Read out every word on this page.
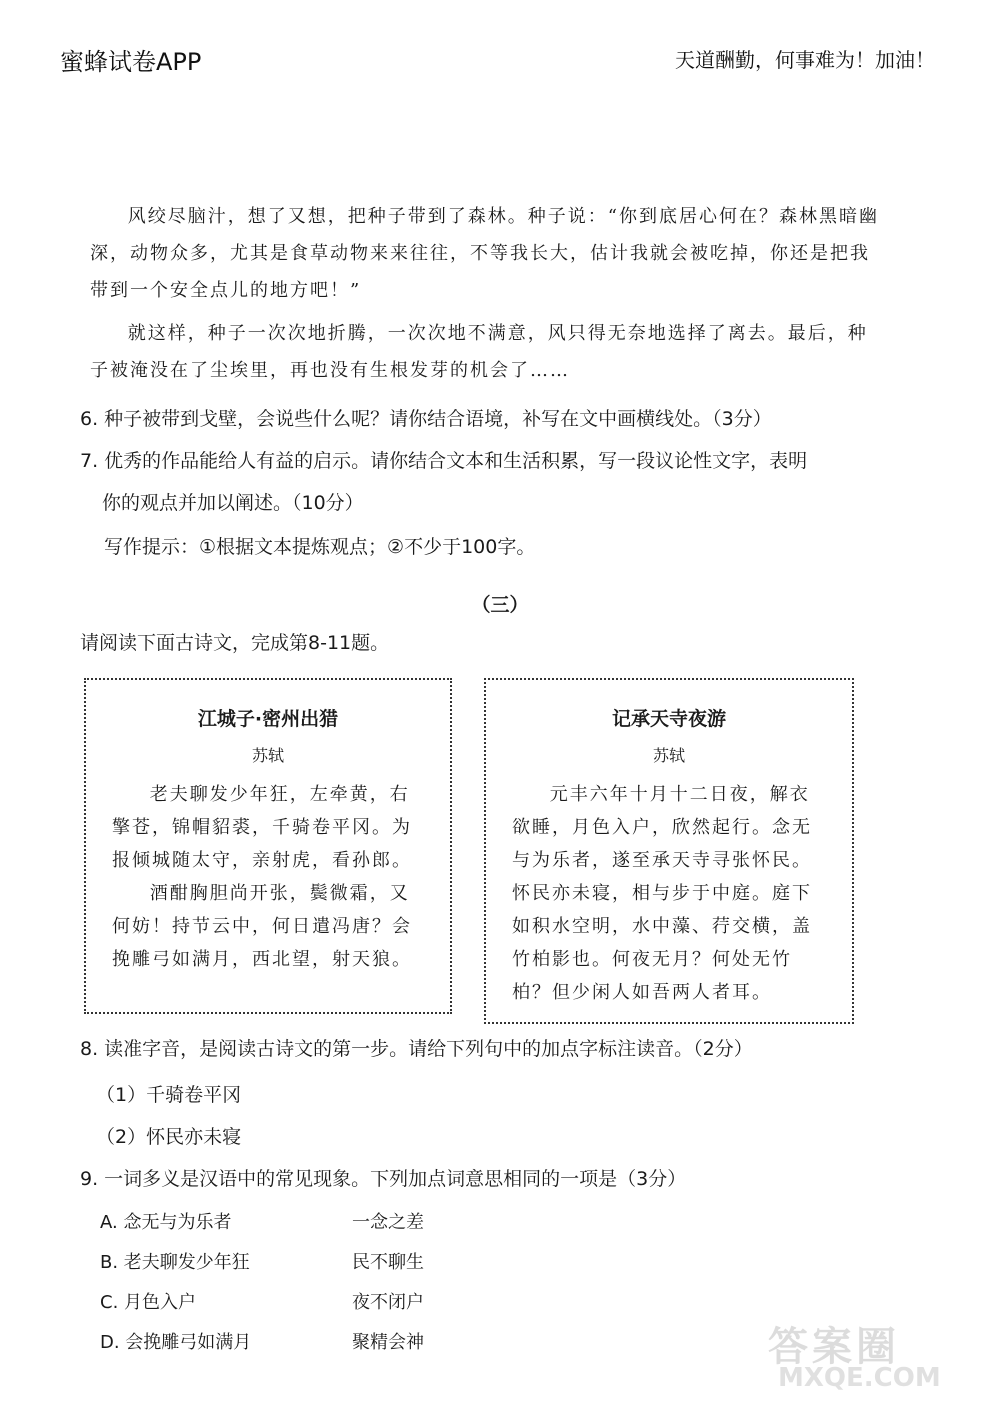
蜜蜂试卷APP	天道酬勤，何事难为！加油！

风绞尽脑汁，想了又想，把种子带到了森林。种子说：“你到底居心何在？森林黑暗幽深，动物众多，尤其是食草动物来来往往，不等我长大，估计我就会被吃掉，你还是把我带到一个安全点儿的地方吧！”

就这样，种子一次次地折腾，一次次地不满意，风只得无奈地选择了离去。最后，种子被淹没在了尘埃里，再也没有生根发芽的机会了……

6. 种子被带到戈壁，会说些什么呢？请你结合语境，补写在文中画横线处。（3分）
7. 优秀的作品能给人有益的启示。请你结合文本和生活积累，写一段议论性文字，表明
你的观点并加以阐述。（10分）
写作提示：①根据文本提炼观点；②不少于100字。
（三）
请阅读下面古诗文，完成第8-11题。
江城子·密州出猎
苏轼

老夫聊发少年狂，左牵黄，右擎苍，锦帽貂裘，千骑卷平冈。为报倾城随太守，亲射虎，看孙郎。

酒酣胸胆尚开张，鬓微霜，又何妨！持节云中，何日遣冯唐？会挽雕弓如满月，西北望，射天狼。

记承天寺夜游
苏轼

元丰六年十月十二日夜，解衣欲睡，月色入户，欣然起行。念无与为乐者，遂至承天寺寻张怀民。怀民亦未寝，相与步于中庭。庭下如积水空明，水中藻、荇交横，盖竹柏影也。何夜无月？何处无竹柏？但少闲人如吾两人者耳。

8. 读准字音，是阅读古诗文的第一步。请给下列句中的加点字标注读音。（2分）
（1）千骑卷平冈
（2）怀民亦未寝
9. 一词多义是汉语中的常见现象。下列加点词意思相同的一项是（3分）
A. 念无与为乐者	一念之差
B. 老夫聊发少年狂	民不聊生
C. 月色入户	夜不闭户
D. 会挽雕弓如满月	聚精会神	答案圈
MXQE.COM
